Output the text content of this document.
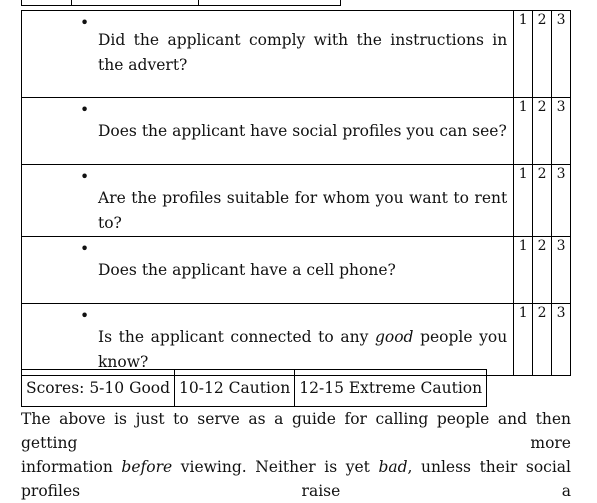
•
Did the applicant comply with the instructions in the advert?	1	2	3

•
Does the applicant have social profiles you can see?	1	2	3

•
Are the profiles suitable for whom you want to rent to?	1	2	3

•
Does the applicant have a cell phone?	1	2	3

•
Is the applicant connected to any good people you know?	1	2	3
Scores: 5-10 Good 10-12 Caution 12-15 Extreme Caution
The above is just to serve as a guide for calling people and then getting more
information before viewing. Neither is yet bad, unless their social profiles raise a
